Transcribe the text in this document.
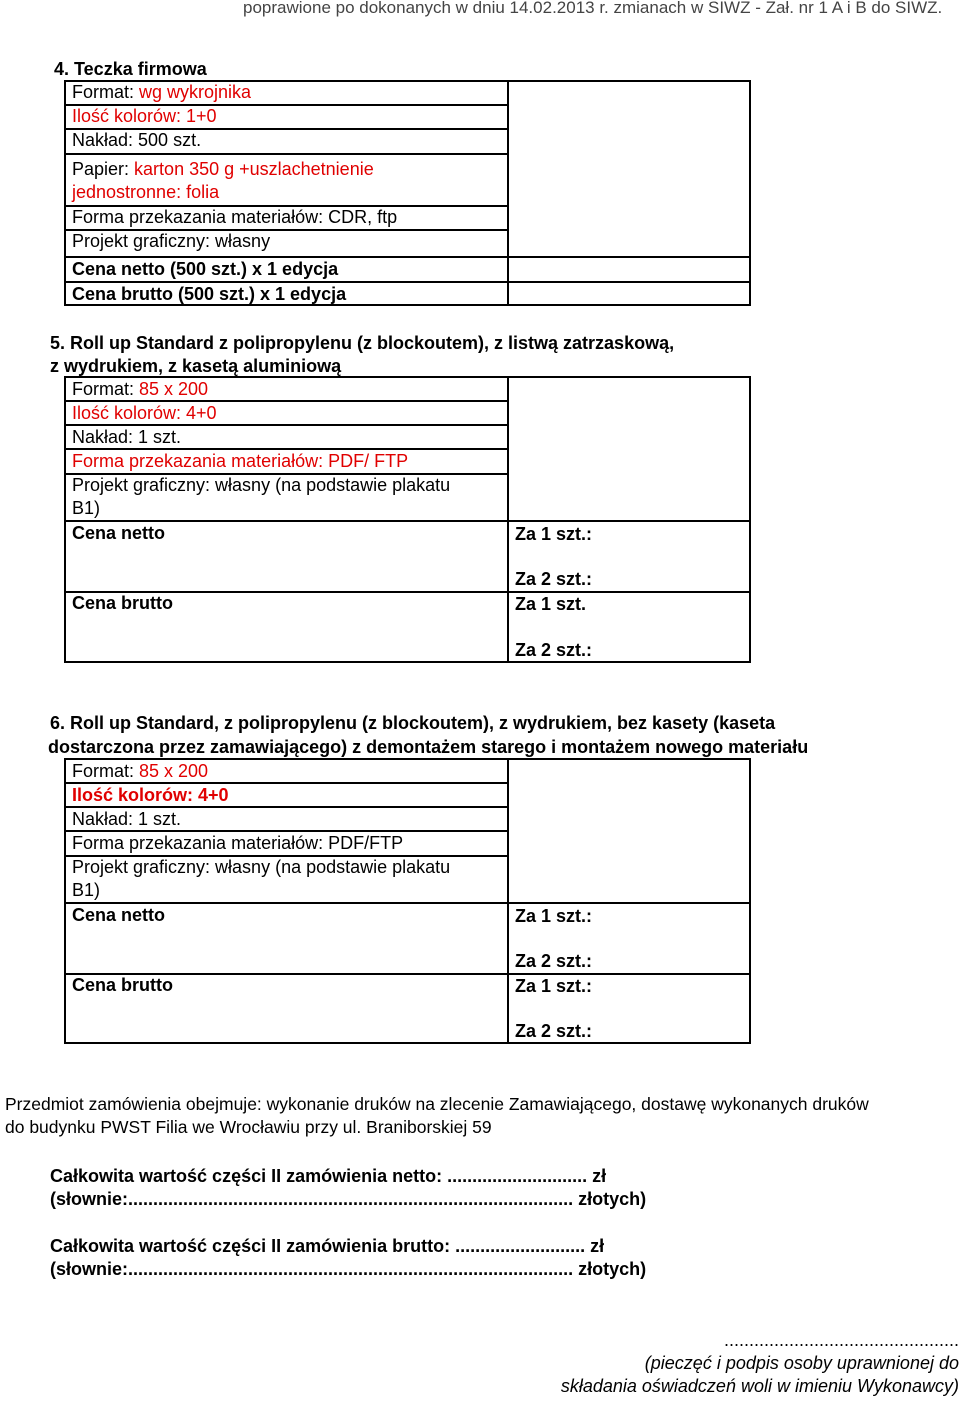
poprawione po dokonanych w dniu 14.02.2013 r. zmianach w SIWZ - Zał. nr 1 A i B do SIWZ.
4. Teczka firmowa
Format: wg wykrojnika
Ilość kolorów: 1+0
Nakład: 500 szt.
Papier: karton 350 g +uszlachetnienie
jednostronne: folia
Forma przekazania materiałów: CDR, ftp
Projekt graficzny: własny
Cena netto (500 szt.) x 1 edycja
Cena brutto (500 szt.) x 1 edycja
5. Roll up Standard z polipropylenu (z blockoutem), z listwą zatrzaskową,
z wydrukiem, z kasetą aluminiową
Format: 85 x 200
Ilość kolorów: 4+0
Nakład: 1 szt.
Forma przekazania materiałów: PDF/ FTP
Projekt graficzny: własny (na podstawie plakatu
B1)
Cena netto	Za 1 szt.:
Za 2 szt.:
Cena brutto	Za 1 szt.
Za 2 szt.:
6. Roll up Standard, z polipropylenu (z blockoutem), z wydrukiem, bez kasety (kaseta
dostarczona przez zamawiającego) z demontażem starego i montażem nowego materiału
Format: 85 x 200
Ilość kolorów: 4+0
Nakład: 1 szt.
Forma przekazania materiałów: PDF/FTP
Projekt graficzny: własny (na podstawie plakatu
B1)
Cena netto	Za 1 szt.:
Za 2 szt.:
Cena brutto	Za 1 szt.:
Za 2 szt.:
Przedmiot zamówienia obejmuje: wykonanie druków na zlecenie Zamawiającego, dostawę wykonanych druków
do budynku PWST Filia we Wrocławiu przy ul. Braniborskiej 59
Całkowita wartość części II zamówienia netto: ............................ zł
(słownie:......................................................................................... złotych)
Całkowita wartość części II zamówienia brutto: .......................... zł
(słownie:......................................................................................... złotych)
...............................................
(pieczęć i podpis osoby uprawnionej do
składania oświadczeń woli w imieniu Wykonawcy)
